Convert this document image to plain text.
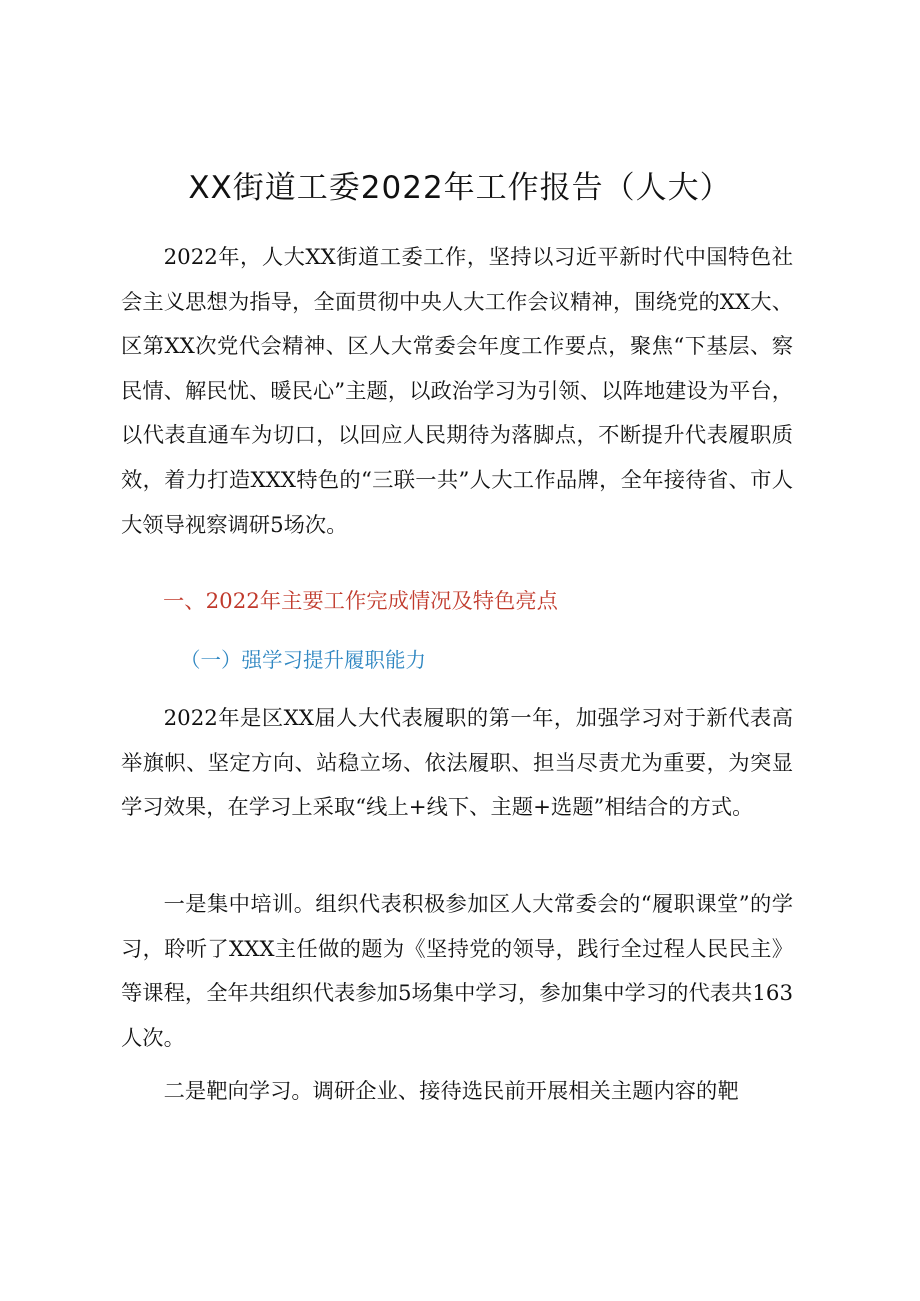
XX街道工委2022年工作报告（人大）

2022年，人大XX街道工委工作，坚持以习近平新时代中国特色社会主义思想为指导，全面贯彻中央人大工作会议精神，围绕党的XX大、区第XX次党代会精神、区人大常委会年度工作要点，聚焦“下基层、察民情、解民忧、暖民心”主题，以政治学习为引领、以阵地建设为平台，以代表直通车为切口，以回应人民期待为落脚点，不断提升代表履职质效，着力打造XXX特色的“三联一共”人大工作品牌，全年接待省、市人大领导视察调研5场次。

一、2022年主要工作完成情况及特色亮点
（一）强学习提升履职能力

2022年是区XX届人大代表履职的第一年，加强学习对于新代表高举旗帜、坚定方向、站稳立场、依法履职、担当尽责尤为重要，为突显学习效果，在学习上采取“线上+线下、主题+选题”相结合的方式。

一是集中培训。组织代表积极参加区人大常委会的“履职课堂”的学习，聆听了XXX主任做的题为《坚持党的领导，践行全过程人民民主》等课程，全年共组织代表参加5场集中学习，参加集中学习的代表共163人次。

二是靶向学习。调研企业、接待选民前开展相关主题内容的靶
